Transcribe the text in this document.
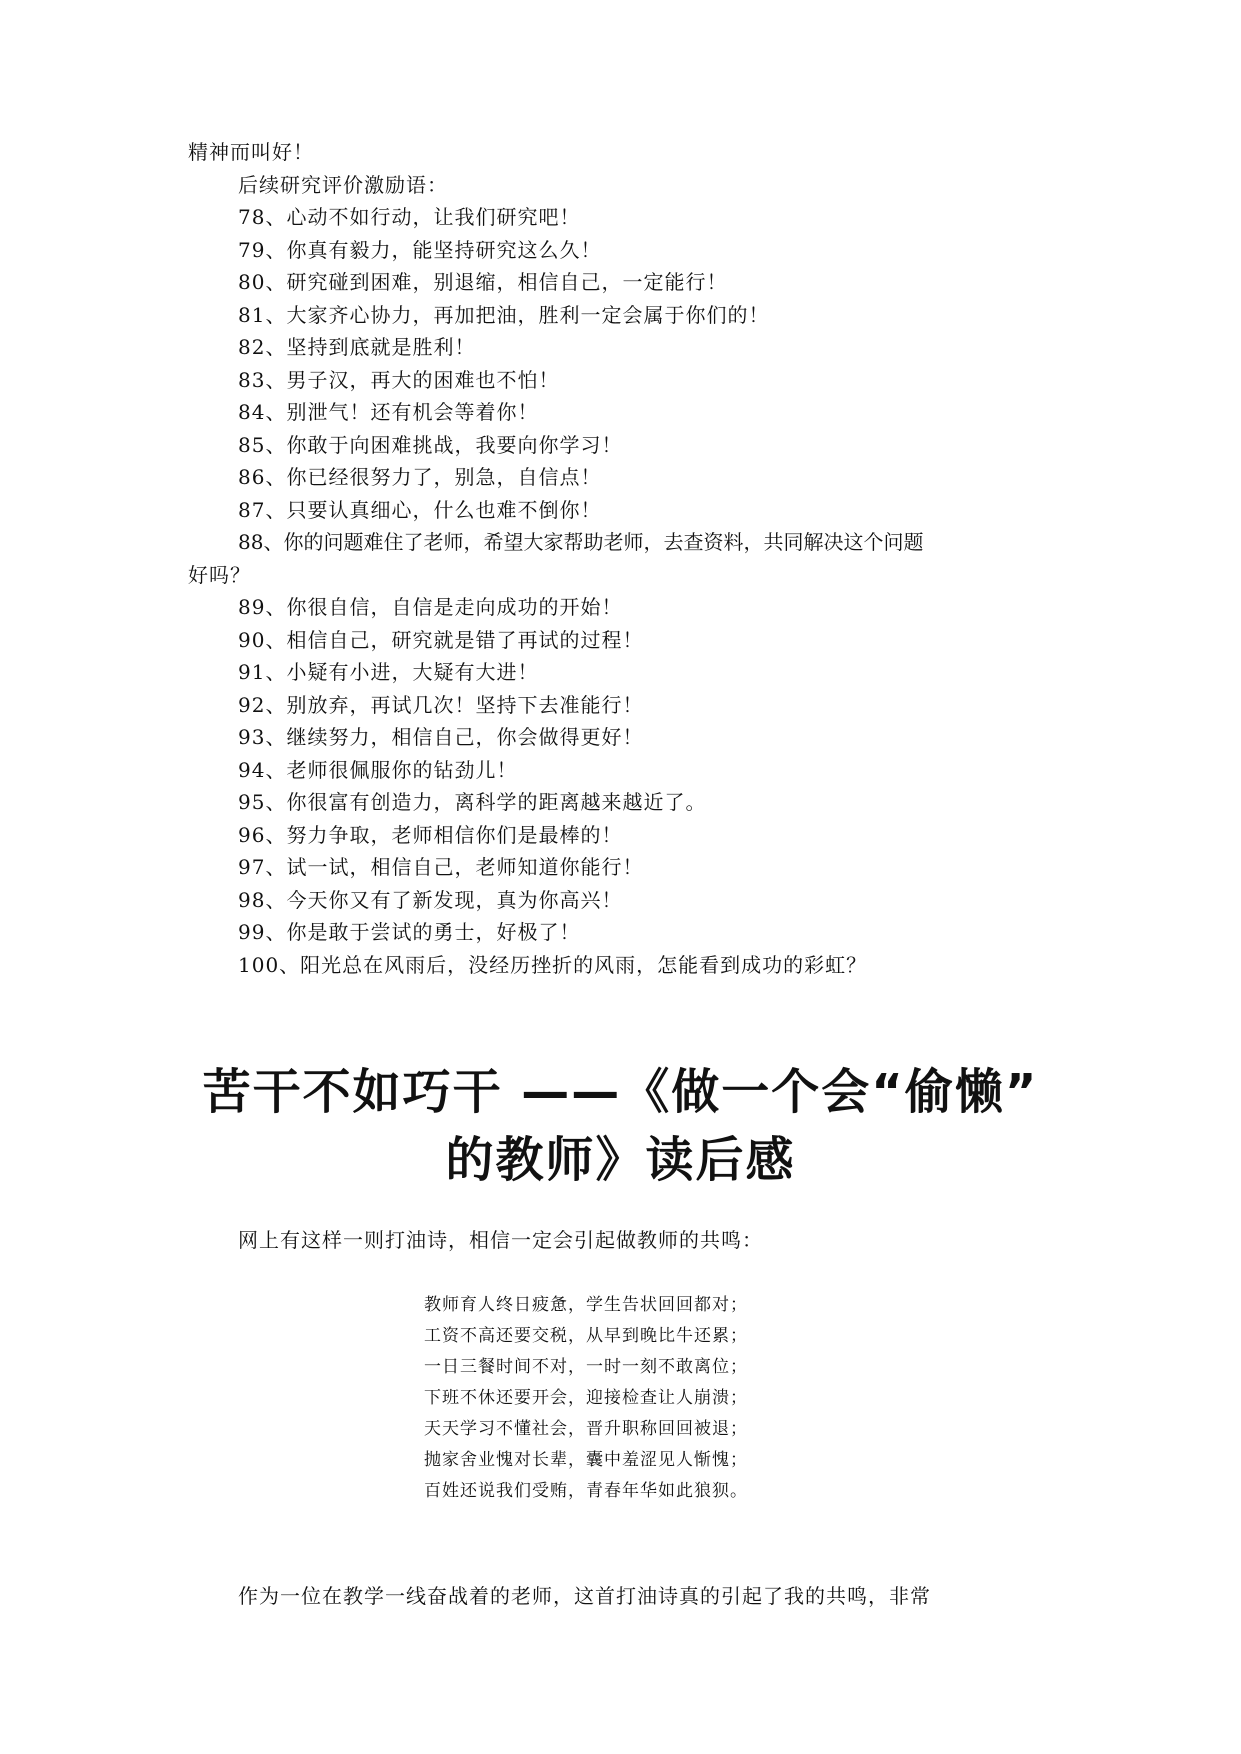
精神而叫好！
后续研究评价激励语：
78、心动不如行动，让我们研究吧！
79、你真有毅力，能坚持研究这么久！
80、研究碰到困难，别退缩，相信自己，一定能行！
81、大家齐心协力，再加把油，胜利一定会属于你们的！
82、坚持到底就是胜利！
83、男子汉，再大的困难也不怕！
84、别泄气！还有机会等着你！
85、你敢于向困难挑战，我要向你学习！
86、你已经很努力了，别急，自信点！
87、只要认真细心，什么也难不倒你！
88、你的问题难住了老师，希望大家帮助老师，去查资料，共同解决这个问题
好吗？
89、你很自信，自信是走向成功的开始！
90、相信自己，研究就是错了再试的过程！
91、小疑有小进，大疑有大进！
92、别放弃，再试几次！坚持下去准能行！
93、继续努力，相信自己，你会做得更好！
94、老师很佩服你的钻劲儿！
95、你很富有创造力，离科学的距离越来越近了。
96、努力争取，老师相信你们是最棒的！
97、试一试，相信自己，老师知道你能行！
98、今天你又有了新发现，真为你高兴！
99、你是敢于尝试的勇士，好极了！
100、阳光总在风雨后，没经历挫折的风雨，怎能看到成功的彩虹？
苦干不如巧干 ——《做一个会“偷懒”
的教师》读后感
网上有这样一则打油诗，相信一定会引起做教师的共鸣：
教师育人终日疲惫，学生告状回回都对；
工资不高还要交税，从早到晚比牛还累；
一日三餐时间不对，一时一刻不敢离位；
下班不休还要开会，迎接检查让人崩溃；
天天学习不懂社会，晋升职称回回被退；
抛家舍业愧对长辈，囊中羞涩见人惭愧；
百姓还说我们受贿，青春年华如此狼狈。
作为一位在教学一线奋战着的老师，这首打油诗真的引起了我的共鸣，非常
